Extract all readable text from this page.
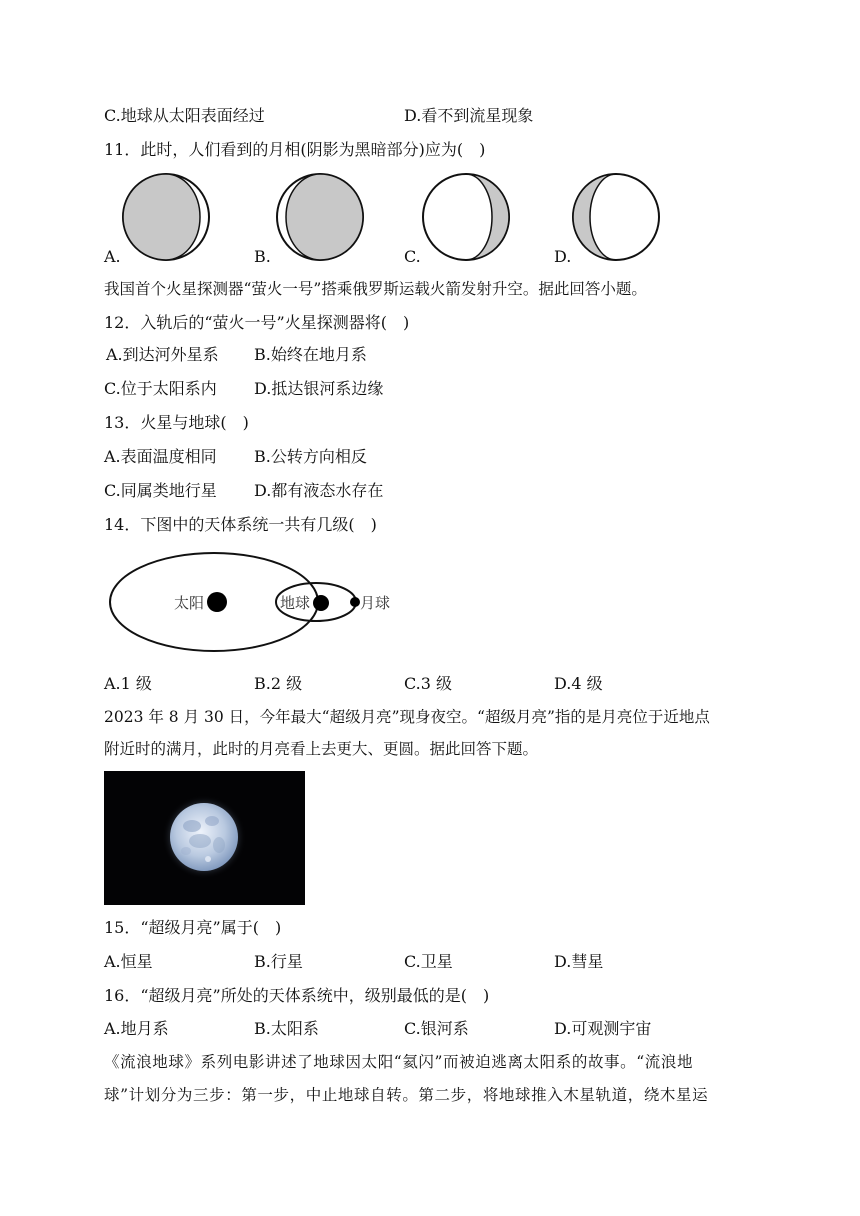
C.地球从太阳表面经过	D.看不到流星现象
11．此时，人们看到的月相(阴影为黑暗部分)应为(　)
A.	B.	C.	D.
我国首个火星探测器“萤火一号”搭乘俄罗斯运载火箭发射升空。据此回答小题。
12．入轨后的“萤火一号”火星探测器将(　)
A.到达河外星系 B.始终在地月系
C.位于太阳系内 D.抵达银河系边缘
13．火星与地球(　)
A.表面温度相同 B.公转方向相反
C.同属类地行星 D.都有液态水存在
14．下图中的天体系统一共有几级(　)
太阳	地球	月球
A.1 级	B.2 级	C.3 级	D.4 级
2023 年 8 月 30 日，今年最大“超级月亮”现身夜空。“超级月亮”指的是月亮位于近地点
附近时的满月，此时的月亮看上去更大、更圆。据此回答下题。
15．“超级月亮”属于(　)
A.恒星	B.行星	C.卫星	D.彗星
16．“超级月亮”所处的天体系统中，级别最低的是(　)
A.地月系	B.太阳系	C.银河系	D.可观测宇宙
《流浪地球》系列电影讲述了地球因太阳“氦闪”而被迫逃离太阳系的故事。“流浪地
球”计划分为三步：第一步，中止地球自转。第二步，将地球推入木星轨道，绕木星运
